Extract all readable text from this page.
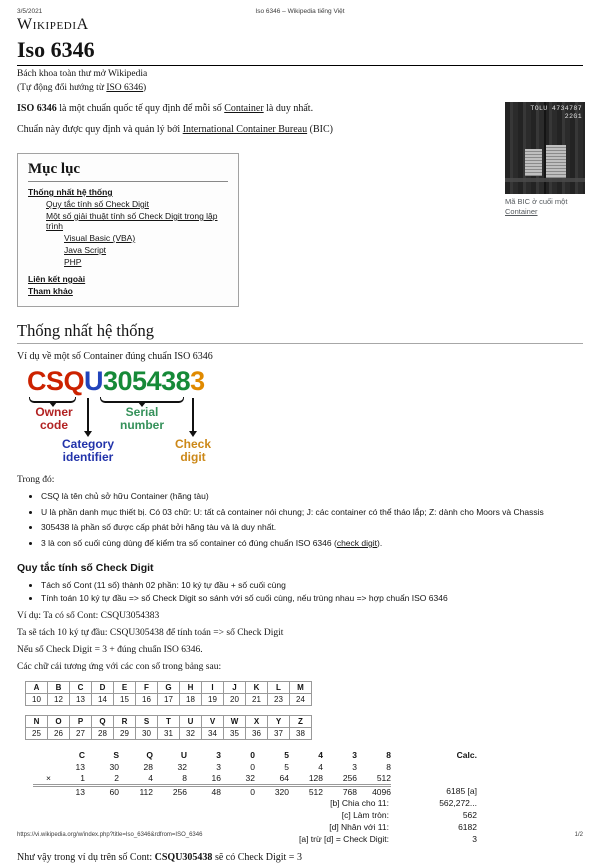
3/5/2021	Iso 6346 – Wikipedia tiếng Việt
WikipediA
Iso 6346
Bách khoa toàn thư mở Wikipedia
(Tự động đổi hướng từ ISO 6346)

ISO 6346 là một chuẩn quốc tế quy định để mỗi số Container là duy nhất.

Chuẩn này được quy định và quản lý bởi International Container Bureau (BIC)

TOLU 4734787
22G1
Mã BIC ở cuối một Container
Mục lục
Thống nhất hệ thống
Quy tắc tính số Check Digit
Một số giải thuật tính số Check Digit trong lập trình
Visual Basic (VBA)
Java Script
PHP
Liên kết ngoài
Tham khảo
Thống nhất hệ thống

Ví dụ về một số Container đúng chuẩn ISO 6346

CSQU3054383
Owner code
Serial number
Category identifier
Check digit

Trong đó:

• CSQ là tên chủ sở hữu Container (hãng tàu)
• U là phần danh mục thiết bị. Có 03 chữ: U: tất cả container nói chung; J: các container có thể tháo lắp; Z: dành cho Moors và Chassis
• 305438 là phần số được cấp phát bởi hãng tàu và là duy nhất.
• 3 là con số cuối cùng dùng để kiểm tra số container có đúng chuẩn ISO 6346 (check digit).
Quy tắc tính số Check Digit
• Tách số Cont (11 số) thành 02 phần: 10 ký tự đầu + số cuối cùng
• Tính toán 10 ký tự đầu => số Check Digit so sánh với số cuối cùng, nếu trùng nhau => hợp chuẩn ISO 6346

Ví dụ: Ta có số Cont: CSQU3054383

Ta sẽ tách 10 ký tự đầu: CSQU305438 để tính toán => số Check Digit

Nếu số Check Digit = 3 + đúng chuẩn ISO 6346.

Các chữ cái tương ứng với các con số trong bảng sau:

A	B	C	D	E	F	G	H	I	J	K	L	M
10	12	13	14	15	16	17	18	19	20	21	23	24
N	O	P	Q	R	S	T	U	V	W	X	Y	Z
25	26	27	28	29	30	31	32	34	35	36	37	38
	C	S	Q	U	3	0	5	4	3	8	Calc.
	13	30	28	32	3	0	5	4	3	8	
×	1	2	4	8	16	32	64	128	256	512	
	13	60	112	256	48	0	320	512	768	4096	6185 [a]
[b] Chia cho 11:											562,272...
[c] Làm tròn:											562
[d] Nhân với 11:											6182
[a] trừ [d] = Check Digit:											3

Như vậy trong ví dụ trên số Cont: CSQU305438 sẽ có Check Digit = 3

https://vi.wikipedia.org/w/index.php?title=Iso_6346&rdfrom=ISO_6346	1/2
